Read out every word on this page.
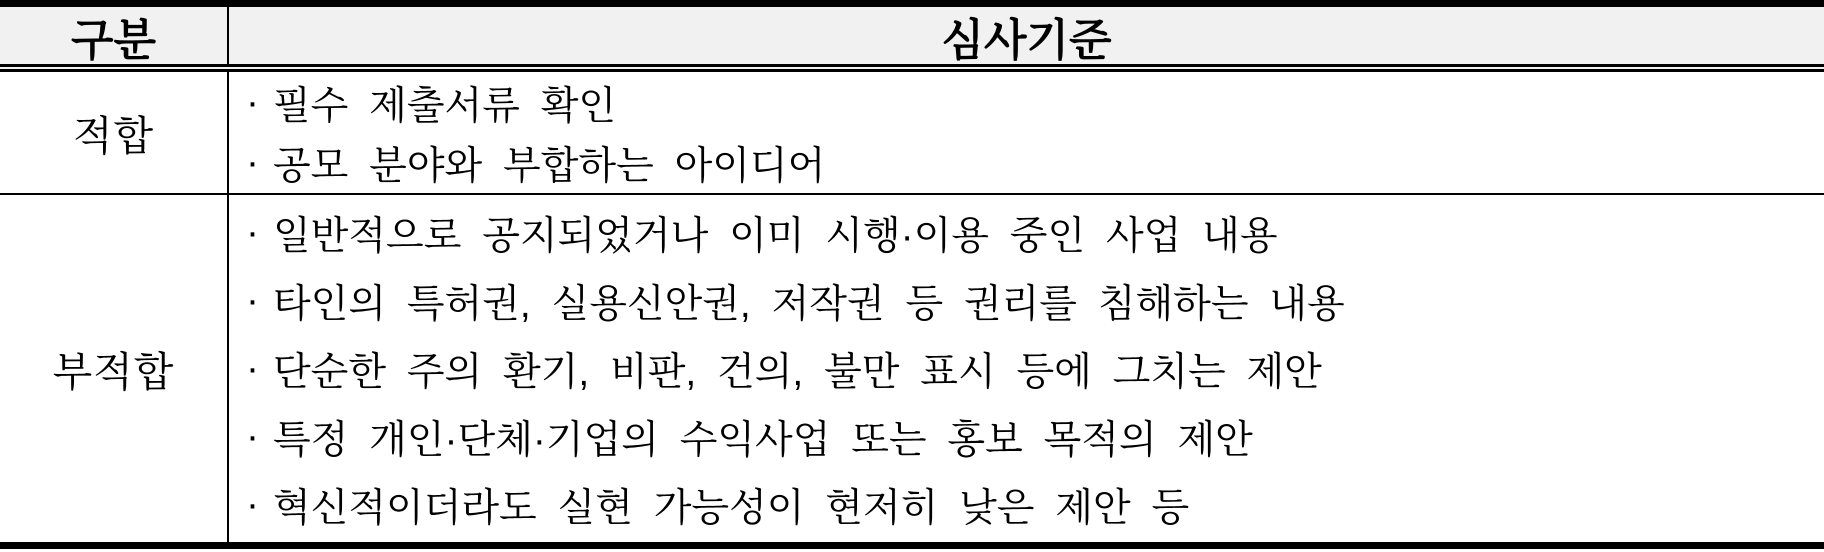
구분	심사기준
적합
· 필수 제출서류 확인
· 공모 분야와 부합하는 아이디어
부적합
· 일반적으로 공지되었거나 이미 시행·이용 중인 사업 내용
· 타인의 특허권, 실용신안권, 저작권 등 권리를 침해하는 내용
· 단순한 주의 환기, 비판, 건의, 불만 표시 등에 그치는 제안
· 특정 개인·단체·기업의 수익사업 또는 홍보 목적의 제안
· 혁신적이더라도 실현 가능성이 현저히 낮은 제안 등
